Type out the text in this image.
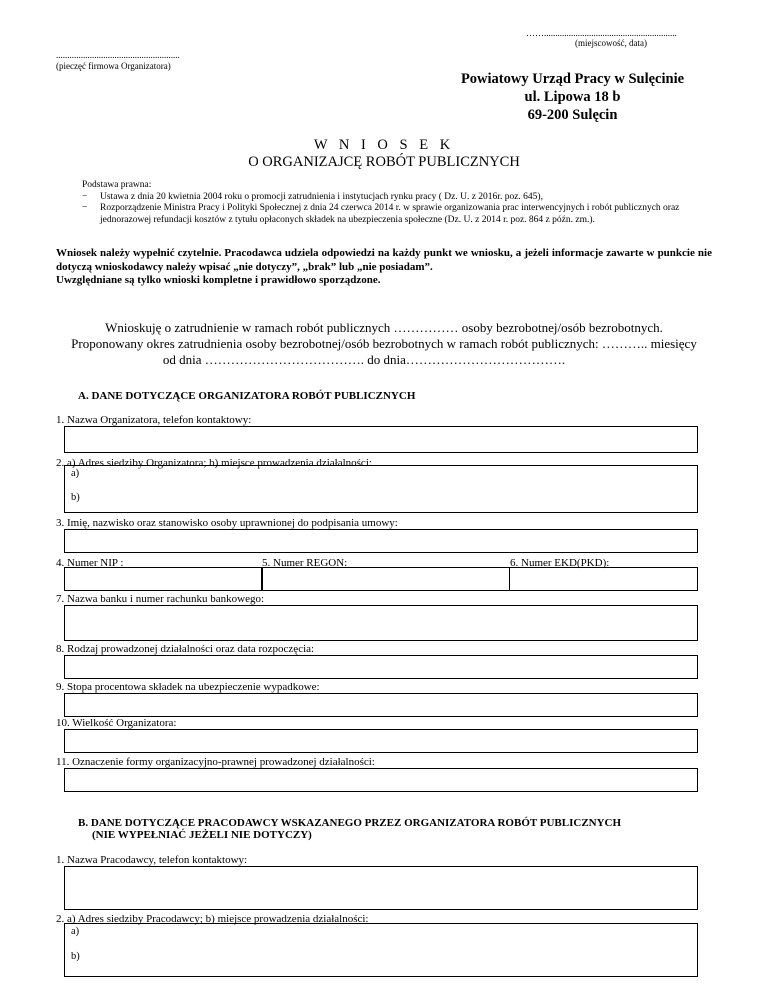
……...........................................................
(miejscowość, data)
.......................................................
(pieczęć firmowa Organizatora)
Powiatowy Urząd Pracy w Sulęcinie
ul. Lipowa 18 b
69-200 Sulęcin
W N I O S E K
O ORGANIZAJCĘ ROBÓT PUBLICZNYCH
Podstawa prawna:
− Ustawa z dnia 20 kwietnia 2004 roku o promocji zatrudnienia i instytucjach rynku pracy ( Dz. U. z 2016r. poz. 645),
− Rozporządzenie Ministra Pracy i Polityki Społecznej z dnia 24 czerwca 2014 r. w sprawie organizowania prac interwencyjnych i robót publicznych oraz jednorazowej refundacji kosztów z tytułu opłaconych składek na ubezpieczenia społeczne (Dz. U. z 2014 r. poz. 864 z późn. zm.).
Wniosek należy wypełnić czytelnie. Pracodawca udziela odpowiedzi na każdy punkt we wniosku, a jeżeli informacje zawarte w punkcie nie dotyczą wnioskodawcy należy wpisać „nie dotyczy”, „brak” lub „nie posiadam”.
Uwzględniane są tylko wnioski kompletne i prawidłowo sporządzone.
Wnioskuję o zatrudnienie w ramach robót publicznych …………… osoby bezrobotnej/osób bezrobotnych.
Proponowany okres zatrudnienia osoby bezrobotnej/osób bezrobotnych w ramach robót publicznych: ……….. miesięcy
od dnia ………………………………. do dnia……………………………….
A. DANE DOTYCZĄCE ORGANIZATORA ROBÓT PUBLICZNYCH
1. Nazwa Organizatora, telefon kontaktowy:
2. a) Adres siedziby Organizatora; b) miejsce prowadzenia działalności:
a)
b)
3. Imię, nazwisko oraz stanowisko osoby uprawnionej do podpisania umowy:
4. Numer NIP :	5. Numer REGON:	6. Numer EKD(PKD):
7. Nazwa banku i numer rachunku bankowego:
8. Rodzaj prowadzonej działalności oraz data rozpoczęcia:
9. Stopa procentowa składek na ubezpieczenie wypadkowe:
10. Wielkość Organizatora:
11. Oznaczenie formy organizacyjno-prawnej prowadzonej działalności:
B. DANE DOTYCZĄCE PRACODAWCY WSKAZANEGO PRZEZ ORGANIZATORA ROBÓT PUBLICZNYCH
(NIE WYPEŁNIAĆ JEŻELI NIE DOTYCZY)
1. Nazwa Pracodawcy, telefon kontaktowy:
2. a) Adres siedziby Pracodawcy; b) miejsce prowadzenia działalności:
a)
b)
